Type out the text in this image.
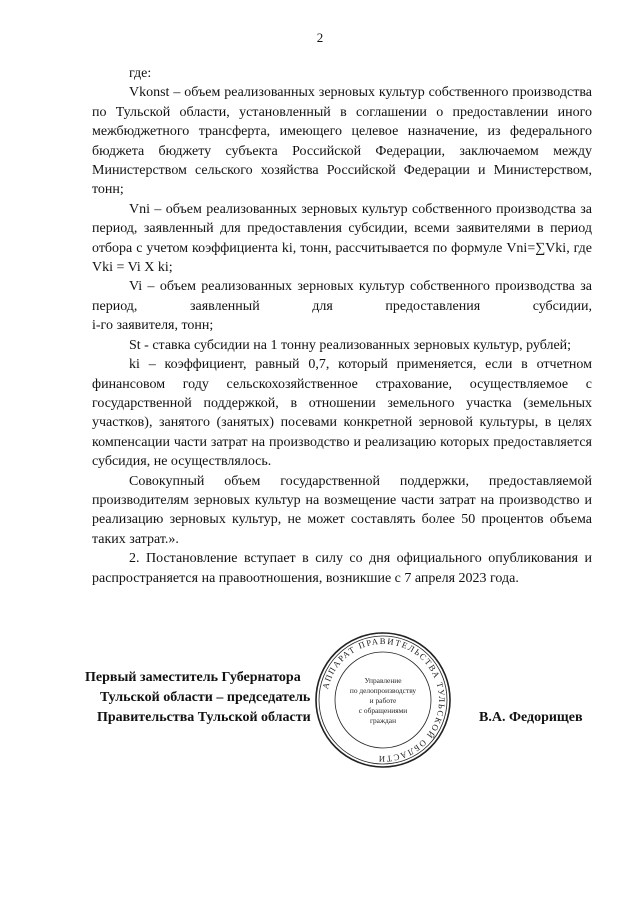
2

где:

Vkonst – объем реализованных зерновых культур собственного производства по Тульской области, установленный в соглашении о предоставлении иного межбюджетного трансферта, имеющего целевое назначение, из федерального бюджета бюджету субъекта Российской Федерации, заключаемом между Министерством сельского хозяйства Российской Федерации и Министерством, тонн;

Vni – объем реализованных зерновых культур собственного производства за период, заявленный для предоставления субсидии, всеми заявителями в период отбора с учетом коэффициента ki, тонн, рассчитывается по формуле Vni=∑Vki, где Vki = Vi X ki;

Vi – объем реализованных зерновых культур собственного производства за период, заявленный для предоставления субсидии,

i-го заявителя, тонн;

St - ставка субсидии на 1 тонну реализованных зерновых культур, рублей;

ki – коэффициент, равный 0,7, который применяется, если в отчетном финансовом году сельскохозяйственное страхование, осуществляемое с государственной поддержкой, в отношении земельного участка (земельных участков), занятого (занятых) посевами конкретной зерновой культуры, в целях компенсации части затрат на производство и реализацию которых предоставляется субсидия, не осуществлялось.

Совокупный объем государственной поддержки, предоставляемой производителям зерновых культур на возмещение части затрат на производство и реализацию зерновых культур, не может составлять более 50 процентов объема таких затрат.».

2. Постановление вступает в силу со дня официального опубликования и распространяется на правоотношения, возникшие с 7 апреля 2023 года.

Первый заместитель Губернатора
Тульской области – председатель
Правительства Тульской области	В.А. Федорищев
АППАРАТ ПРАВИТЕЛЬСТВА ТУЛЬСКОЙ ОБЛАСТИ
Управление
по делопроизводству
и работе
с обращениями
граждан
